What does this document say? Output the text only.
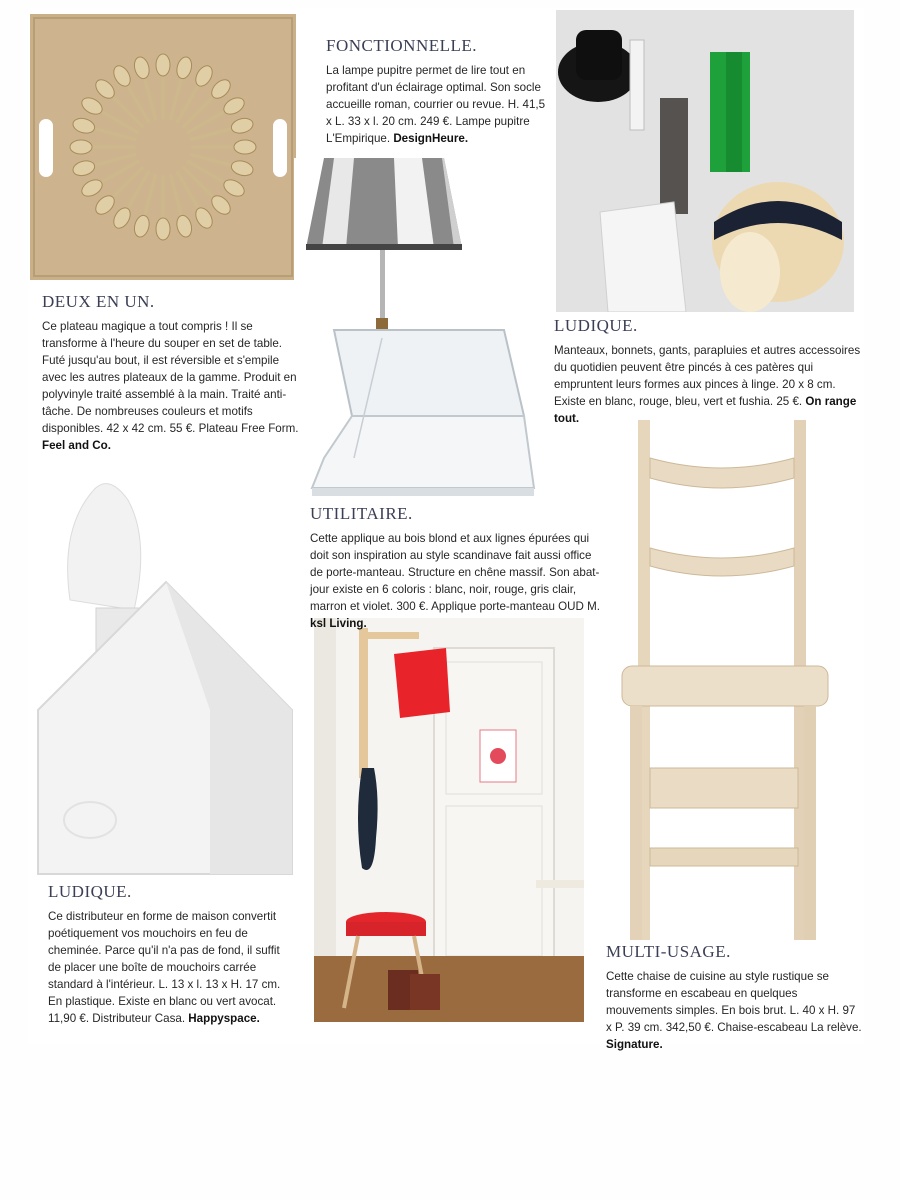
FONCTIONNELLE.

La lampe pupitre permet de lire tout en profitant d'un éclairage optimal. Son socle accueille roman, courrier ou revue. H. 41,5 x L. 33 x l. 20 cm. 249 €. Lampe pupitre L'Empirique. DesignHeure.

DEUX EN UN.

Ce plateau magique a tout compris ! Il se transforme à l'heure du souper en set de table. Futé jusqu'au bout, il est réversible et s'empile avec les autres plateaux de la gamme. Produit en polyvinyle traité assemblé à la main. Traité anti-tâche. De nombreuses couleurs et motifs disponibles. 42 x 42 cm. 55 €. Plateau Free Form. Feel and Co.

LUDIQUE.

Manteaux, bonnets, gants, parapluies et autres accessoires du quotidien peuvent être pincés à ces patères qui empruntent leurs formes aux pinces à linge. 20 x 8 cm. Existe en blanc, rouge, bleu, vert et fushia. 25 €. On range tout.

UTILITAIRE.

Cette applique au bois blond et aux lignes épurées qui doit son inspiration au style scandinave fait aussi office de porte-manteau. Structure en chêne massif. Son abat-jour existe en 6 coloris : blanc, noir, rouge, gris clair, marron et violet. 300 €. Applique porte-manteau OUD M. ksl Living.

LUDIQUE.

Ce distributeur en forme de maison convertit poétiquement vos mouchoirs en feu de cheminée. Parce qu'il n'a pas de fond, il suffit de placer une boîte de mouchoirs carrée standard à l'intérieur. L. 13 x l. 13 x H. 17 cm. En plastique. Existe en blanc ou vert avocat. 11,90 €. Distributeur Casa. Happyspace.

MULTI-USAGE.

Cette chaise de cuisine au style rustique se transforme en escabeau en quelques mouvements simples. En bois brut. L. 40 x H. 97 x P. 39 cm. 342,50 €. Chaise-escabeau La relève. Signature.
